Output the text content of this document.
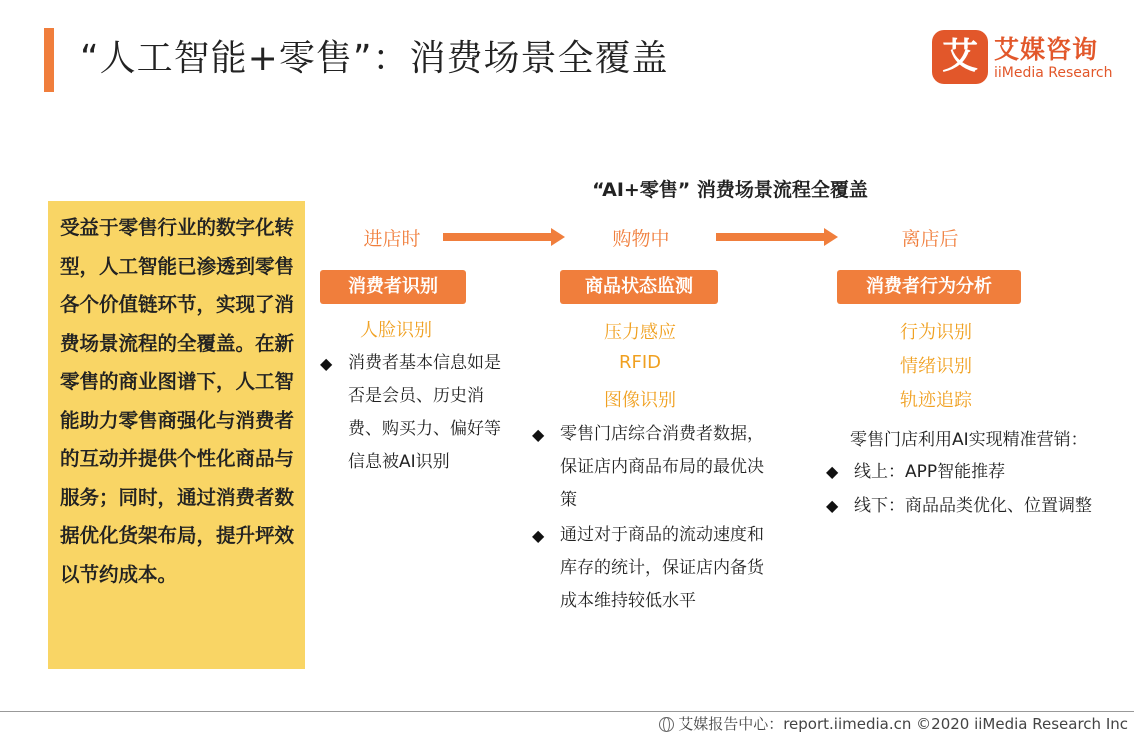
“人工智能+零售”：消费场景全覆盖	艾 艾媒咨询
iiMedia Research
“AI+零售” 消费场景流程全覆盖

受益于零售行业的数字化转型，人工智能已渗透到零售各个价值链环节，实现了消费场景流程的全覆盖。在新零售的商业图谱下，人工智能助力零售商强化与消费者的互动并提供个性化商品与服务；同时，通过消费者数据优化货架布局，提升坪效以节约成本。

进店时	购物中	离店后
消费者识别	商品状态监测	消费者行为分析
人脸识别	压力感应
RFID
图像识别
行为识别
情绪识别
轨迹追踪
◆ 消费者基本信息如是否是会员、历史消费、购买力、偏好等信息被AI识别
◆ 零售门店综合消费者数据，保证店内商品布局的最优决策
◆ 通过对于商品的流动速度和库存的统计，保证店内备货成本维持较低水平
零售门店利用AI实现精准营销：
◆ 线上：APP智能推荐
◆ 线下：商品品类优化、位置调整
艾媒报告中心：report.iimedia.cn ©2020 iiMedia Research Inc
